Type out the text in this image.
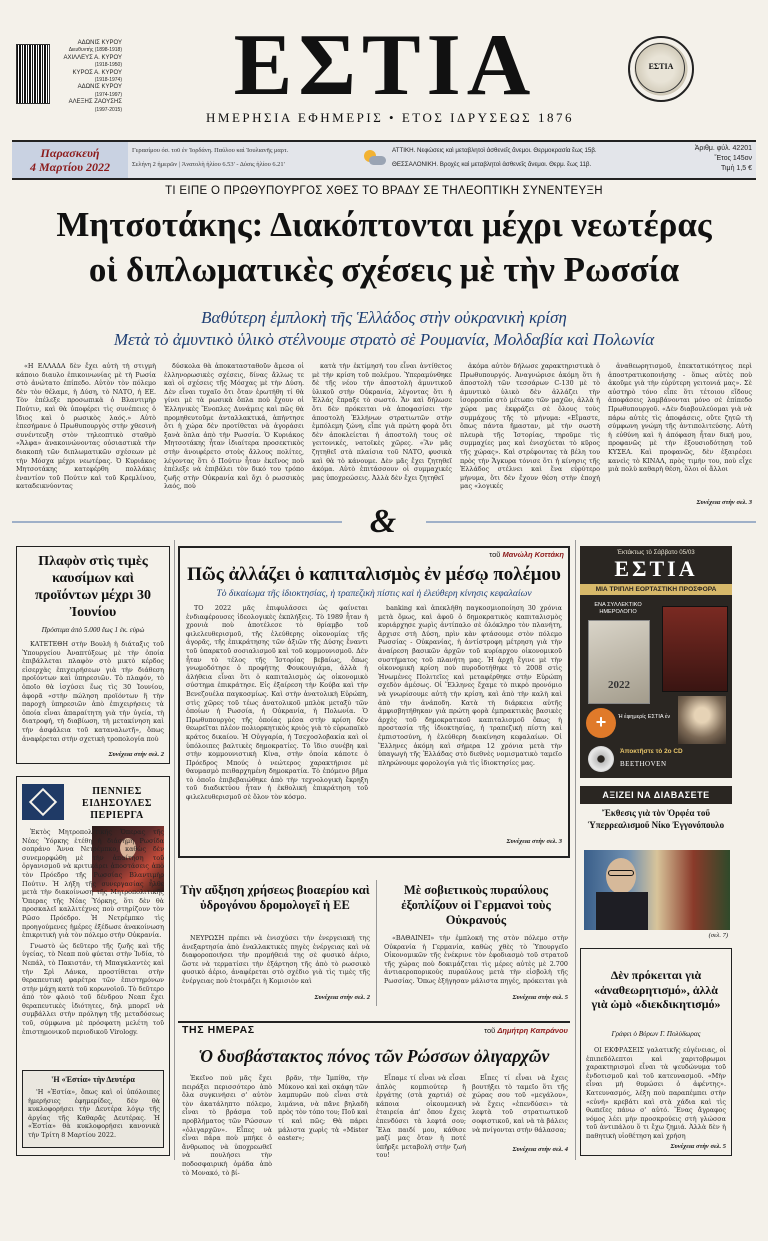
ΑΔΩΝΙΣ ΚΥΡΟΥ
Διευθυντής (1898-1918)
ΑΧΙΛΛΕΥΣ Α. ΚΥΡΟΥ
(1918-1950)
ΚΥΡΟΣ Α. ΚΥΡΟΥ
(1918-1974)
ΑΔΩΝΙΣ ΚΥΡΟΥ
(1974-1997)
ΑΛΕΞΗΣ ΖΑΟΥΣΗΣ
(1997-2015)	ΕΣΤΙΑ
ΗΜΕΡΗΣΙΑ ΕΦΗΜΕΡΙΣ • ΕΤΟΣ ΙΔΡΥΣΕΩΣ 1876
ΕΣΤΙΑ
Παρασκευή
4 Μαρτίου 2022
Γερασίμου όσ. τοῦ ἐν Ἰορδάνη. Παύλου καὶ Ἰουλιανῆς μαρτ.
Σελήνη 2 ἡμερῶν | Ἀνατολὴ ἡλίου 6.53' - Δύσις ἡλίου 6.21'
ΑΤΤΙΚΗ. Νεφώσεις καὶ μεταβλητοὶ ἀσθενεῖς ἄνεμοι. Θερμοκρασία ἕως 15β.
ΘΕΣΣΑΛΟΝΙΚΗ. Βροχὲς καὶ μεταβλητοὶ ἀσθενεῖς ἄνεμοι. Θερμ. ἕως 11β.
Ἀριθμ. φύλ. 42201
Ἔτος 145ον
Τιμὴ 1,5 €
ΤΙ ΕΙΠΕ Ο ΠΡΩΘΥΠΟΥΡΓΟΣ ΧΘΕΣ ΤΟ ΒΡΑΔΥ ΣΕ ΤΗΛΕΟΠΤΙΚΗ ΣΥΝΕΝΤΕΥΞΗ
Μητσοτάκης: Διακόπτονται μέχρι νεωτέρας
οἱ διπλωματικὲς σχέσεις μὲ τὴν Ρωσσία
Βαθύτερη ἐμπλοκὴ τῆς Ἑλλάδος στὴν οὐκρανικὴ κρίση
Μετὰ τὸ ἀμυντικὸ ὑλικὸ στέλνουμε στρατὸ σὲ Ρουμανία, Μολδαβία καὶ Πολωνία

«Η ΕΛΛΑΔΑ δὲν ἔχει αὐτὴ τὴ στιγμὴ κάποιο διαυλο ἐπικοινωνίας μὲ τὴ Ρωσία στὸ ἀνώτατο ἐπίπεδο. Αὐτὸν τὸν πόλεμο δὲν τὸν θέλαμε, ἡ Δύση, τὸ ΝΑΤΟ, ἡ ΕΕ. Τὸν ἐπέλεξε προσωπικὰ ὁ Βλαντιμὴρ Πούτιν, καὶ θὰ ὑποφέρει τὶς συνέπειες ὁ ἴδιος καὶ ὁ ρωσικὸς λαός.» Αὐτὸ ἐπεσήμανε ὁ Πρωθυπουργὸς στὴν χθεσινὴ συνέντευξη στὸν τηλεοπτικὸ σταθμὸ «Ἄλφα» ἀνακοινώνοντας οὐσιαστικὰ τὴν διακοπὴ τῶν διπλωματικῶν σχέσεων μὲ τὴν Μόσχα μέχρι νεωτέρας. Ὁ Κυριάκος Μητσοτάκης κατεφέρθη πολλάκις ἐναντίον τοῦ Πούτιν καὶ τοῦ Κρεμλίνου, καταδεικνύοντας

δύσκολα θὰ ἀποκατασταθοῦν ἄμεσα οἱ ἑλληνορωσικὲς σχέσεις, δίνας ἄλλως τε καὶ οἱ σχέσεις τῆς Μόσχας μὲ τὴν Δύση. Δὲν εἶναι τυχαῖο ὅτι ὅταν ἐρωτήθη τί θὰ γίνει μὲ τὰ ρωσικὰ ὅπλα ποὺ ἔχουν οἱ Ἑλληνικὲς Ἔνοπλες Δυνάμεις καὶ πῶς θὰ προμηθευτοῦμε ἀνταλλακτικά, ἀπήντησε ὅτι ἡ χώρα δὲν προτίθεται νὰ ἀγοράσει ξανὰ ὅπλα ἀπὸ τὴν Ρωσσία. Ὁ Κυριάκος Μητσοτάκης ἦταν ἰδιαίτερα προσεκτικὸς στὴν ἀνοιφέρετο στοὺς ἄλλους πολίτες, λέγοντας ὅτι ὁ Πούτιν ἦταν ἐκεῖνος ποὺ ἐπέλεξε νὰ ἐπιβάλει τὸν δικό του τρόπο ζωῆς στὴν Οὐκρανία καὶ ὄχι ὁ ρωσσικὸς λαός, ποὺ

κατὰ τὴν ἐκτίμησή του εἶναι ἀντίθετος μὲ τὴν κρίση τοῦ πολέμου. Ὑπεραμύνθηκε δὲ τῆς νέου τὴν ἀποστολὴ ἀμυντικοῦ ὑλικοῦ στὴν Οὐκρανία, λέγοντας ὅτι ἡ Ἑλλάς ἔπραξε τὸ σωστό. Ἄν καὶ δήλωσε ὅτι δὲν πρόκειται νὰ ἀποφασίσει τὴν ἀποστολὴ Ἑλλήνων στρατιωτῶν στὴν ἐμπόλεμη ζώνη, εἶπε γιὰ πρώτη φορὰ ὅτι δὲν ἀποκλείεται ἡ ἀποστολὴ τους σὲ γειτονικές, νατοϊκὲς χῶρες. «Ἂν μᾶς ζητηθεῖ στὰ πλαίσια τοῦ ΝΑΤΟ, φυσικὰ καὶ θὰ τὸ κάνουμε. Δὲν μᾶς ἔχει ζητηθεῖ ἀκόμα. Αὐτὸ ἐπιτάσσουν οἱ συμμαχικές μας ὑποχρεώσεις. Ἀλλὰ δὲν ἔχει ζητηθεῖ

ἀκόμα αὐτὸν δήλωσε χαρακτηριστικὰ ὁ Πρωθυπουργός. Ἀναγνώρισε ἀκόμη ὅτι ἡ ἀποστολὴ τῶν τεσσάρων C-130 μὲ τὸ ἀμυντικὸ ὑλικὸ δὲν ἀλλάζει τὴν ἰσορροπία στὸ μέτωπο τῶν μαχῶν, ἀλλὰ ἡ χώρα μας ἐκφράζει σὲ ὅλους τοὺς συμμάχους τῆς τὸ μήνυμα: «Εἴμαστε, ὅπως πάντα ἤμασταν, μὲ τὴν σωστὴ πλευρὰ τῆς Ἱστορίας, τηροῦμε τὶς συμμαχίες μας καὶ ἐνισχύεται τὸ κῦρος τῆς χώρας». Καὶ στρέφοντας τὰ βέλη του πρὸς τὴν Ἄγκυρα τόνισε ὅτι ἡ κίνησις τῆς Ἑλλάδος στέλνει καὶ ἕνα εὐρύτερο μήνυμα, ὅτι δὲν ἔχουν θέση στὴν ἐποχή μας «λογικές

ἀναθεωρητισμοῦ, ἐπεκτατικότητος περὶ ἀποστρατικοποιήσης - ὅπως αὐτὲς ποὺ ἀκοῦμε γιὰ τὴν εὐρύτερη γειτονιά μας». Σὲ αὐστηρὸ τόνο εἶπε ὅτι τέτοιου εἴδους ἀποφάσεις λαμβάνονται μόνο σὲ ἐπίπεδο Πρωθυπουργοῦ. «Δὲν διαβουλεύομαι γιὰ νὰ πάρω αὐτὲς τὶς ἀποφάσεις, οὔτε ζητῶ τὴ σύμφωνη γνώμη τῆς ἀντιπολιτεύσης. Αὐτὴ ἡ εὐθύνη καὶ ἡ ἀπόφαση ἦταν δική μου, προφανῶς μὲ τὴν ἐξουσιοδότηση τοῦ ΚΥΣΕΑ. Καὶ προφανῶς, δὲν ἐξαιρέσει κανεὶς τὸ ΚΙΝΑΛ, πρὸς τιμήν του, ποὺ εἶχε μιὰ πολὺ καθαρὴ θέση, ὅλοι οἱ ἄλλοι

Συνέχεια στὴν σελ. 3
&
Πλαφὸν στὶς τιμὲς καυσίμων καὶ προϊόντων μέχρι 30 Ἰουνίου
Πρόστιμα ἀπὸ 5.000 ἕως 1 ἑκ. εὐρὼ

ΚΑΤΕΤΕΘΗ στὴν Βουλὴ ἡ διάταξις τοῦ Ὑπουργείου Ἀναπτύξεως μὲ τὴν ὁποία ἐπιβάλλεται πλαφὸν στὸ μικτὸ κέρδος εἰσερχὰς ἐπιχειρήσεων γιὰ τὴν διάθεση προϊόντων καὶ ὑπηρεσιῶν. Τὸ πλαφόν, τὸ ὁποῖο θὰ ἰσχύσει ἕως τὶς 30 Ἰουνίου, ἀφορᾶ «στὴν πώληση προϊόντων ἢ τὴν παροχὴ ὑπηρεσιῶν ἀπὸ ἐπιχειρήσεις τὰ ὁποία εἶναι ἀπαραίτητη γιὰ τὴν ὑγεία, τὴ διατροφή, τὴ διαβίωση, τὴ μετακίνηση καὶ τὴν ἀσφάλεια τοῦ καταναλωτῆ», ὅπως ἀναφέρεται στὴν σχετικὴ τροπολογία ποὺ

Συνέχεια στὴν σελ. 2
ΠΕΝΝΙΕΣ ΕΙΔΗΣΟΥΛΕΣ ΠΕΡΙΕΡΓΑ

Ἐκτὸς Μητροπολιτικῆς Ὄπερας τῆς Νέας Ὑόρκης ἐτέθη ἡ διάσημη Ρωσίδα σοπράνο Ἄννα Νετρέμπκο, καθὼς δὲν συνεμορφώθη μὲ τὴν ἀπαίτηση τοῦ ὀργανισμοῦ νὰ κριτικάρει ἀποστάσεις ἀπὸ τὸν Πρόεδρο τῆς Ρωσσίας Βλαντιμὴρ Πούτιν. Ἡ λήξη τῆς συνεργασίας ἦλθε μετὰ τὴν διακοίνωση τῆς Μητροπολιτικῆς Ὄπερας τῆς Νέας Ὑόρκης, ὅτι δὲν θὰ προσκαλεῖ καλλιτέχνες ποὺ στηρίζουν τὸν Ρῶσο Πρόεδρο. Ἡ Νετρέμπκο τὶς προηγούμενες ἡμέρες ἐξέδωσε ἀνακοίνωση ἐπικριτικὴ γιὰ τὸν πόλεμο στὴν Οὐκρανία.

Γνωστὸ ὡς δεῦτερο τῆς ζωῆς καὶ τῆς ὑγείας, τὸ Νεαπ ποὺ φύεται στὴν Ἰνδία, τὸ Νεπάλ, τὸ Πακιστάν, τὴ Μπαγκλαντὲς καὶ τὴν Σρὶ Λάνκα, προστίθεται στὴν θεραπευτικὴ φαρέτρα τῶν ἐπιστημόνων στὴν μάχη κατὰ τοῦ κορωνοϊοῦ. Τὸ δεῦτερο ἀπὸ τὸν φλοιὸ τοῦ δένδρου Νεαπ ἔχει θεραπευτικὲς ἰδιότητες, δηλ μπορεῖ νὰ συμβάλλει στὴν πρόληψη τῆς μεταδόσεως τοῦ, σύμφωνα μὲ πρόσφατη μελέτη τοῦ ἐπιστημονικοῦ περιοδικοῦ Virology.

'Η «Ἑστία» τὴν Δευτέρα

'Η «Ἑστία», ὅπως καὶ οἱ ὑπόλοιπες ἡμερήσιες ἐφημερίδες, δὲν θὰ κυκλοφορήσει τὴν Δευτέρα λόγῳ τῆς ἀργίας τῆς Καθαρᾶς Δευτέρας. Ἡ «Ἑστία» θὰ κυκλοφορήσει κανονικὰ τὴν Τρίτη 8 Μαρτίου 2022.

τοῦ Μανώλη Κοττάκη
Πῶς ἀλλάζει ὁ καπιταλισμὸς ἐν μέσῳ πολέμου
Τὸ δικαίωμα τῆς ἰδιοκτησίας, ἡ τραπεζικὴ πίστις καὶ ἡ ἐλεύθερη κίνησις κεφαλαίων

ΤΟ 2022 μᾶς ἐπιφυλάσσει ὡς φαίνεται ἐνδιαφέρουσες ἰδεολογικὲς ἐκπλήξεις. Τὸ 1989 ἦταν ἡ χρονιὰ ποὺ ἀποτέλεσε τὸ θρίαμβο τοῦ φιλελευθερισμοῦ, τῆς ἐλεύθερης οἰκονομίας τῆς ἀγορᾶς, τῆς ἐπικράτησης τῶν ἀξιῶν τῆς Δύσης ἔναντι τοῦ ὑπαρκτοῦ σοσιαλισμοῦ καὶ τοῦ κομμουνισμοῦ. Δὲν ἦταν τὸ τέλος τῆς Ἱστορίας βεβαίως, ὅπως γνωμοδότησε ὁ προφήτης Φουκουγιάμα, ἀλλὰ ἡ ἀλήθεια εἶναι ὅτι ὁ καπιταλισμὸς ὡς οἰκονομικὸ σύστημα ἐπικράτησε. Εἰς ἐξαίρεση τὴν Κούβα καὶ τὴν Βενεζουέλα παγκοσμίως. Καὶ στὴν ἀνατολικὴ Εὐρώπη, στὶς χῶρες τοῦ τέως ἀνατολικοῦ μπλὸκ μεταξὺ τῶν ὁποίων ἡ Ρωσσία, ἡ Οὐκρανία, ἡ Πολωνία. Ὁ Πρωθυπουργὸς τῆς ὁποίας μέσα στὴν κρίση δὲν θεωρεῖται πλέον πολιορκητικὸς κριὸς γιὰ τὸ εὐρωπαϊκὸ κράτος δικαίου. Ἡ Οὐγγαρία, ἡ Τσεχοσλοβακία καὶ οἱ ὑπόλοιπες βαλτικὲς δημοκρατίες. Τὸ ἴδιο συνέβη καὶ στὴν κομμουνιστικὴ Κίνα, στὴν ὁποία κάποτε ὁ Πρόεδρος Μπούς ὁ νεώτερος χαρακτήρισε μὲ θαυμασμὸ πειθαρχημένη δημοκρατία. Τὸ ἑπόμενο βῆμα τὸ ὁποῖο ἐπιβεβαιώθηκε ἀπὸ τὴν τεχνολογικὴ ἔκρηξη τοῦ διαδικτύου ἦταν ἡ ἐκθολική ἐπικράτηση τοῦ φιλελευθερισμοῦ σὲ ὅλον τὸν κόσμο.

banking καὶ ἀπεκλήθη παγκοσμιοποίηση 30 χρόνια μετὰ ὅμως, καὶ ἀφοῦ ὁ δημοκρατικὸς καπιταλισμὸς κυριάρχησε χωρὶς ἀντίπαλο σὲ ὁλόκληρο τὸν πλανήτη, ἄρχισε στὴ Δύση, πρὶν κὰν φτάσουμε στὸν πόλεμο Ρωσσίας - Οὐκρανίας, ἡ ἀντίστροφη μέτρηση γιὰ τὴν ἀναίρεση βασικῶν ἀρχῶν τοῦ κυρίαρχου οἰκονομικοῦ συστήματος τοῦ πλανήτη μας. Ἡ ἀρχὴ ἔγινε μὲ τὴν οἰκονομικὴ κρίση ποὺ πυροδοτήθηκε τὸ 2008 στὶς Ἡνωμένες Πολιτεῖες καὶ μεταφέρθηκε στὴν Εὐρώπη σχεδὸν ἀμέσως. Οἱ Ἕλληνες ἔχαμε τὸ πικρὸ προνόμιο νὰ γνωρίσουμε αὐτὴ τὴν κρίση, καὶ ἀπὸ τὴν καλὴ καὶ ἀπὸ τὴν ἀνάποδη. Κατὰ τὴ διάρκεια αὐτῆς ἀμφισβητήθηκαν γιὰ πρώτη φορὰ ἐμπρακτικὰς βασικὲς ἀρχὲς τοῦ δημοκρατικοῦ καπιταλισμοῦ ὅπως ἡ προστασία τῆς ἰδιοκτησίας, ἡ τραπεζικὴ πίστη καὶ ἐμπιστοσύνη, ἡ ἐλεύθερη διακίνηση κεφαλαίων. Οἱ Ἕλληνες ἀκόμη καὶ σήμερα 12 χρόνια μετὰ τὴν ὑπαγωγὴ τῆς Ἑλλάδας στὸ διεθνὲς νομισματικὸ ταμεῖο πληρώνουμε φορολογία γιὰ τὶς ἰδιοκτησίες μας.

Συνέχεια στὴν σελ. 3
Τὴν αὔξηση χρήσεως βιοαερίου καὶ ὑδρογόνου δρομολογεῖ ἡ ΕΕ

ΝΕΥΡΩΣΗ πρέπει νὰ ἐνισχύσει τὴν ἐνεργειακή της ἀνεξαρτησία ἀπὸ ἐναλλακτικὲς πηγὲς ἐνέργειας καὶ νὰ διαφοροποιήσει τὴν προμήθειά της σὲ φυσικὸ ἀέριο, ὥστε νὰ τερματίσει τὴν ἐξάρτηση τῆς ἀπὸ τὸ ρωσσικὸ φυσικὸ ἀέριο, ἀναφέρεται στὸ σχέδιο γιὰ τὶς τιμὲς τῆς ἐνέργειας ποὺ ἑτοιμάζει ἡ Κομισιὸν καὶ

Συνέχεια στὴν σελ. 2
Μὲ σοβιετικοὺς πυραύλους ἐξοπλίζουν οἱ Γερμανοὶ τοὺς Οὐκρανούς

«ΒΑΘΑΙΝΕΙ» τὴν ἐμπλοκή της στὸν πόλεμο στὴν Οὐκρανία ἡ Γερμανία, καθὼς χθὲς τὸ Ὑπουργεῖο Οἰκονομικῶν τῆς ἐνέκρινε τὸν ἐφοδιασμὸ τοῦ στρατοῦ τῆς χώρας ποὺ δοκιμάζεται τὶς μέρες αὐτὲς μὲ 2.700 ἀντιαεροπορικοὺς πυραύλους μετὰ τὴν εἰσβολὴ τῆς Ρωσσίας. Ὅπως ἐξήγησαν μάλιστα πηγές, πρόκειται γιὰ

Συνέχεια στὴν σελ. 5
ΤΗΣ ΗΜΕΡΑΣ	τοῦ Δημήτρη Καπράνου
Ὁ δυσβάστακτος πόνος τῶν Ρώσσων ὀλιγαρχῶν

Ἐκεῖνο ποὺ μᾶς ἔχει πειράξει περισσότερο ἀπὸ ὅλα συγκινήσει σ' αὐτὸν τὸν ἀκατάληπτο πόλεμο, εἶναι τὸ βράσμα τοῦ προβλήματος τῶν Ρώσσων «ὀλιγαρχῶν». Εἶπες νὰ εἶναι πάρα ποὺ μπήκε ὁ ἄνθρωπος νὰ ὑποχρεωθεῖ νὰ πουλήσει τὴν ποδοσφαιρικὴ ὁμάδα ἀπὸ τὸ Μονακό, τὸ βί-

βρᾶν, τὴν Ἰμπίθα, τὴν Μύκονο καὶ καὶ σκάφη τῶν λαμπυρῶν ποὺ εἶναι στὰ λιμάνια, νὰ πᾶνε βηλαδὴ πρὸς τὸν τόπο του; Ποῦ καὶ τί καὶ πῶς; Θὰ πάρει μάλιστα χωρὶς τὰ «Mister easter»;

Εἶπαμε τί εἶναι νὰ εἶσαι ἀπλὸς κομπιούτερ ἢ ἐργάτης (στὰ χαρτιά) σὲ κάποια οἰκουμενικὴ ἑταιρεία ἀπ' ὅπου ἔχεις ἐπενδύσει τὰ λεφτά σου; Ἔλα παιδί μου, κάθισε μαζί μας ὅταν ἡ ποτέ ὑπῆρξε μεταβολὴ στὴν ζωή του!

Εἶπες τί εἶναι νὰ ἔχεις βουτήξει τὸ ταμεῖο ὅτι τῆς χώρας σου τοῦ «μεγάλου», νὰ ἔχεις «ἐπενδύσει» τὰ λεφτὰ τοῦ στρατιωτικοῦ σοφιστικοῦ, καὶ νὰ τὰ βάλεις νὰ πνίγονται στὴν θάλασσα;

Συνέχεια στὴν σελ. 4
Ἐκτάκτως τὸ Σάββατο 05/03
ΕΣΤΙΑ
ΜΙΑ ΤΡΙΠΛΗ ΕΟΡΤΑΣΤΙΚΗ ΠΡΟΣΦΟΡΑ
ΕΝΑ ΣΥΛΛΕΚΤΙΚΟ ΗΜΕΡΟΛΟΓΙΟ
2022
+	Ἡ ἐφημερίς ΕΣΤΙΑ ἐν
Ἀποκτῆστε τὸ 2ο CD
BEETHOVEN
ΑΞΙΖΕΙ ΝΑ ΔΙΑΒΑΣΕΤΕ
Ἔκθεσις γιὰ τὸν Ὀρφέα τοῦ Ὑπερρεαλισμοῦ Νίκο Ἐγγονόπουλο
(σελ. 7)
Δὲν πρόκειται γιὰ «ἀναθεωρητισμό», ἀλλὰ γιὰ ὠμὸ «διεκδικητισμό»
Γράφει ὁ Βύρων Γ. Πολύδωρας

ΟΙ ΕΚΦΡΑΣΕΙΣ γαλατικῆς εὐγένειας, οἱ ἐπιπεδόλεπτοι καὶ χαριτοβρωμοι χαρακτηρισμοὶ εἶναι τὰ ψευδώνυμα τοῦ ἐνδοτισμοῦ καὶ τοῦ κατευνασμοῦ. «Μὴν εἶναι μὴ θυμώσει ὁ ἀφέντης». Κατευνασμός, λέξη ποὺ παραπέμπει στὴν «εὐνή» κρεβάτι καὶ στὰ χάδια καὶ τὶς θωπεῖες πάνω σ' αὐτό. Ἔνας ἄγραφος νόμος λέει μὴν προσκρούεις στὴ γλώσσα τοῦ ἀντιπάλου ὅ τι ἔχω ζημιά. Ἀλλὰ δὲν ἡ παθητικὴ υἱοθέτηση καὶ χρήση

Συνέχεια στὴν σελ. 5
